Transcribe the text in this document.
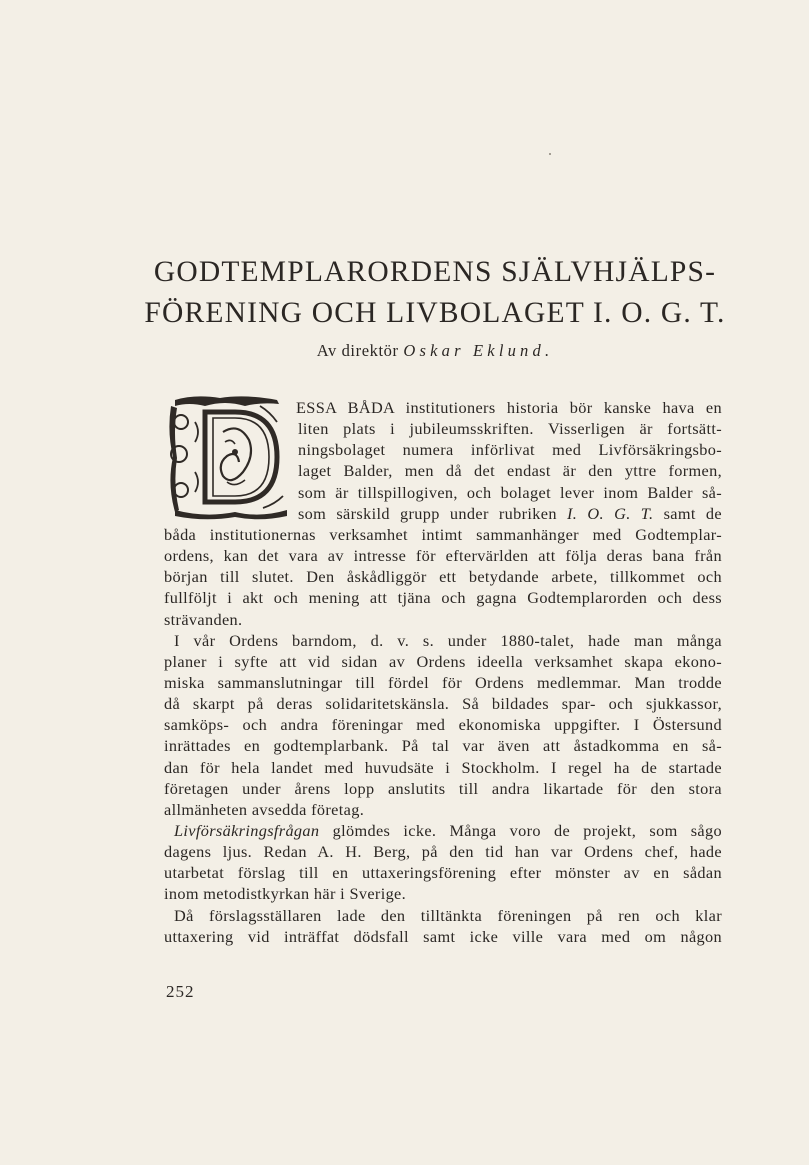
GODTEMPLARORDENS SJÄLVHJÄLPS-
FÖRENING OCH LIVBOLAGET I. O. G. T.
Av direktör Oskar Eklund.
ESSA BÅDA institutioners historia bör kanske hava en
liten plats i jubileumsskriften. Visserligen är fortsätt-
ningsbolaget numera införlivat med Livförsäkringsbo-
laget Balder, men då det endast är den yttre formen,
som är tillspillogiven, och bolaget lever inom Balder så-
som särskild grupp under rubriken I. O. G. T. samt de
båda institutionernas verksamhet intimt sammanhänger med Godtemplar-
ordens, kan det vara av intresse för eftervärlden att följa deras bana från
början till slutet. Den åskådliggör ett betydande arbete, tillkommet och
fullföljt i akt och mening att tjäna och gagna Godtemplarorden och dess
strävanden.
I vår Ordens barndom, d. v. s. under 1880-talet, hade man många
planer i syfte att vid sidan av Ordens ideella verksamhet skapa ekono-
miska sammanslutningar till fördel för Ordens medlemmar. Man trodde
då skarpt på deras solidaritetskänsla. Så bildades spar- och sjukkassor,
samköps- och andra föreningar med ekonomiska uppgifter. I Östersund
inrättades en godtemplarbank. På tal var även att åstadkomma en så-
dan för hela landet med huvudsäte i Stockholm. I regel ha de startade
företagen under årens lopp anslutits till andra likartade för den stora
allmänheten avsedda företag.
Livförsäkringsfrågan glömdes icke. Många voro de projekt, som sågo
dagens ljus. Redan A. H. Berg, på den tid han var Ordens chef, hade
utarbetat förslag till en uttaxeringsförening efter mönster av en sådan
inom metodistkyrkan här i Sverige.
Då förslagsställaren lade den tilltänkta föreningen på ren och klar
uttaxering vid inträffat dödsfall samt icke ville vara med om någon
252
